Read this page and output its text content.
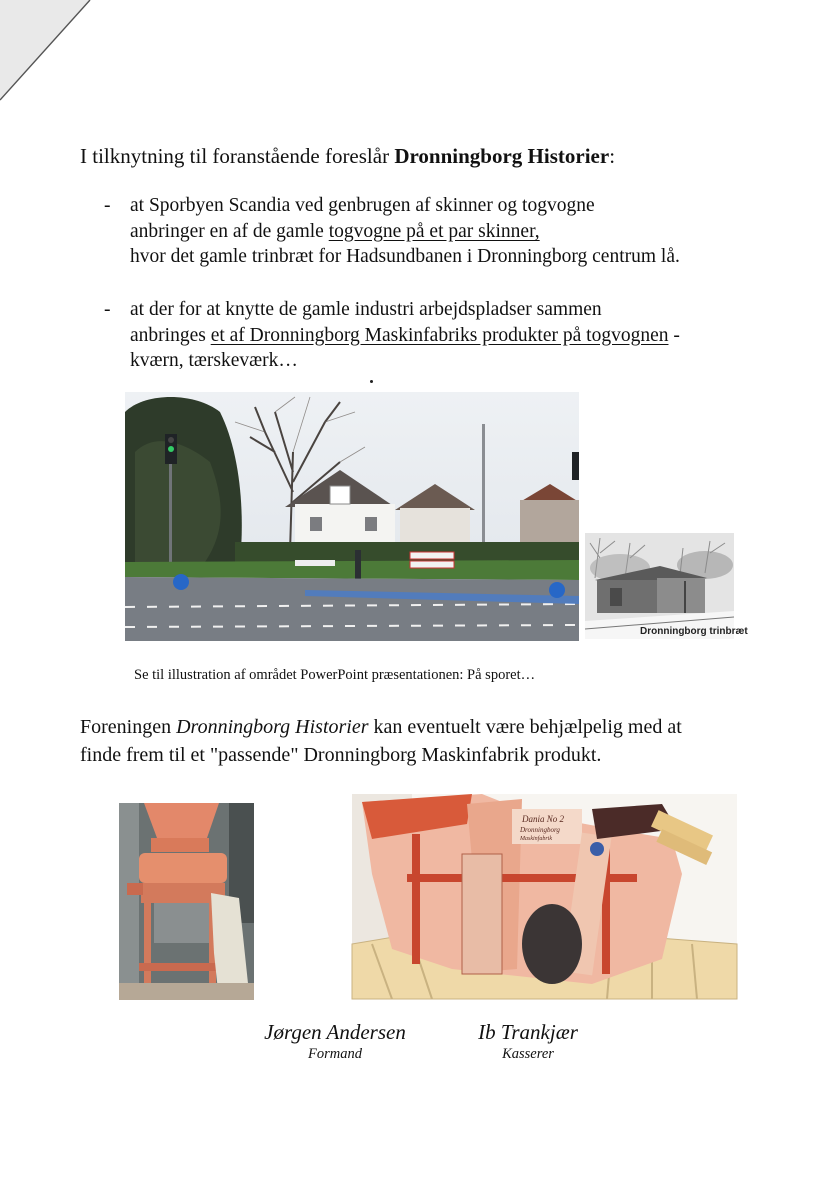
I tilknytning til foranstående foreslår Dronningborg Historier:
- at Sporbyen Scandia ved genbrugen af skinner og togvogne
anbringer en af de gamle togvogne på et par skinner,
hvor det gamle trinbræt for Hadsundbanen i Dronningborg centrum lå.
- at der for at knytte de gamle industri arbejdspladser sammen
anbringes et af Dronningborg Maskinfabriks produkter på togvognen -
kværn, tærskeværk…
Dronningborg trinbræt
Se til illustration af området PowerPoint præsentationen: På sporet…
Foreningen Dronningborg Historier kan eventuelt være behjælpelig med at
finde frem til et "passende" Dronningborg Maskinfabrik produkt.
Dania No 2
Dronningborg
Maskinfabrik
Jørgen Andersen
Formand
Ib Trankjær
Kasserer
